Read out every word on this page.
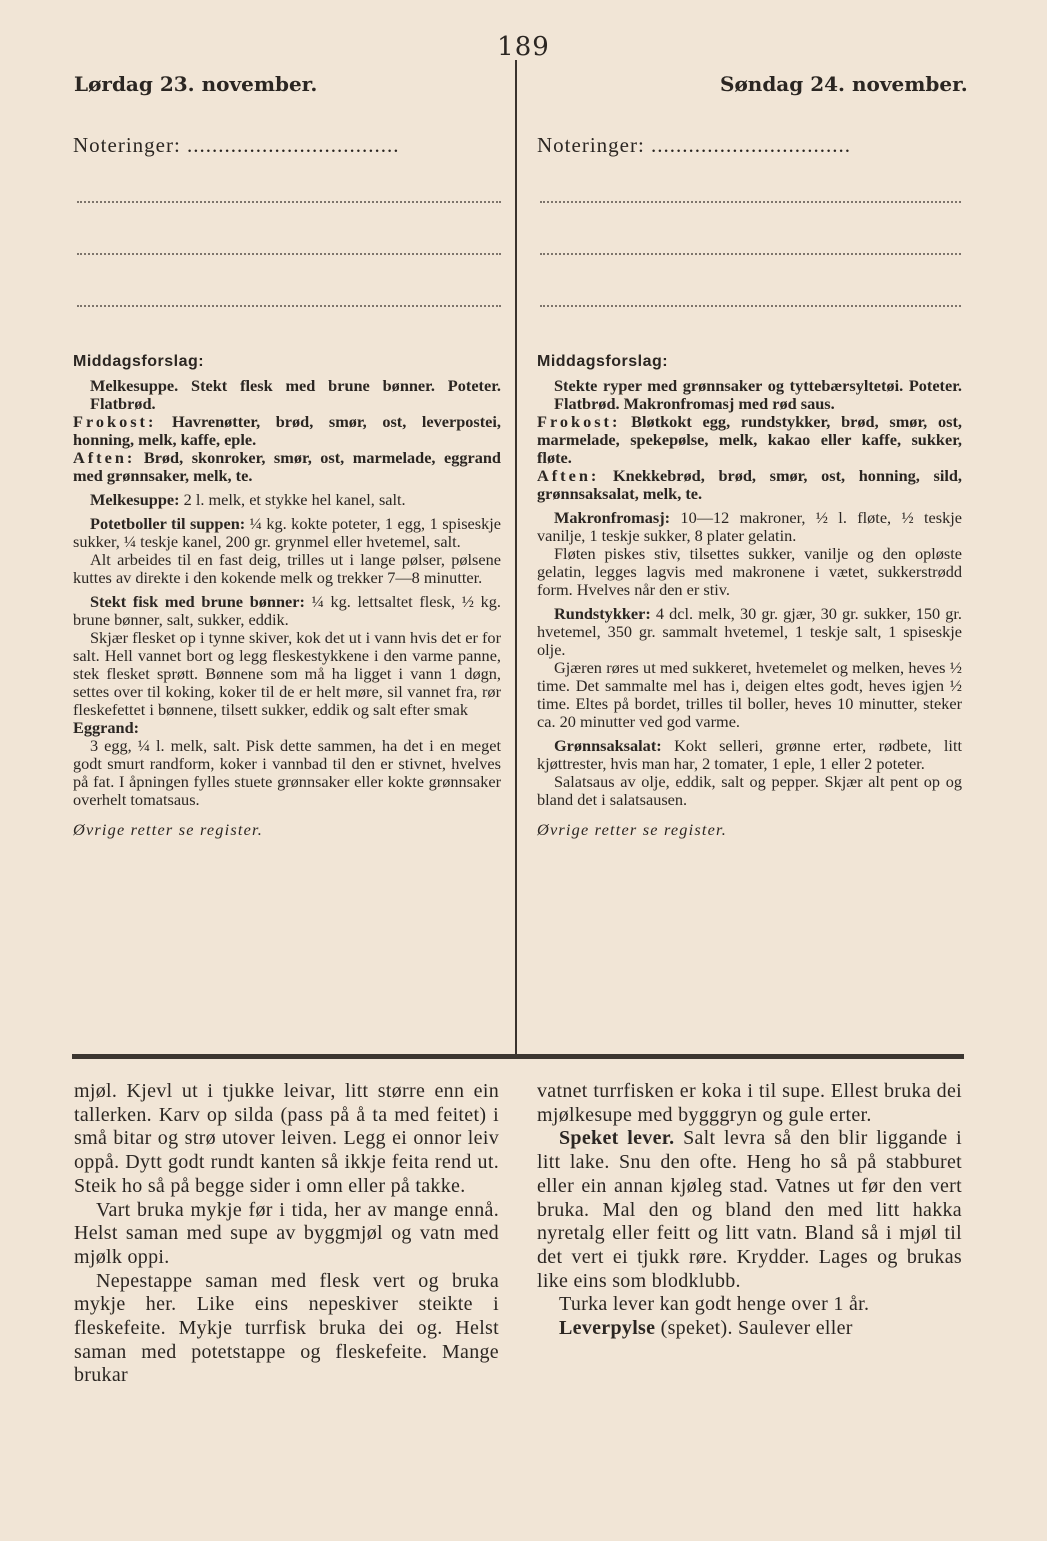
189
Lørdag 23. november.
Noteringer: ..................................
Søndag 24. november.
Noteringer: ................................

Middagsforslag:

Melkesuppe. Stekt flesk med brune bønner. Poteter. Flatbrød.

Frokost: Havrenøtter, brød, smør, ost, leverpostei, honning, melk, kaffe, eple.

Aften: Brød, skonroker, smør, ost, marmelade, eggrand med grønnsaker, melk, te.

Melkesuppe: 2 l. melk, et stykke hel kanel, salt.

Potetboller til suppen: ¼ kg. kokte poteter, 1 egg, 1 spiseskje sukker, ¼ teskje kanel, 200 gr. grynmel eller hvetemel, salt.

Alt arbeides til en fast deig, trilles ut i lange pølser, pølsene kuttes av direkte i den kokende melk og trekker 7—8 minutter.

Stekt fisk med brune bønner: ¼ kg. lettsaltet flesk, ½ kg. brune bønner, salt, sukker, eddik.

Skjær flesket op i tynne skiver, kok det ut i vann hvis det er for salt. Hell vannet bort og legg fleskestykkene i den varme panne, stek flesket sprøtt. Bønnene som må ha ligget i vann 1 døgn, settes over til koking, koker til de er helt møre, sil vannet fra, rør fleskefettet i bønnene, tilsett sukker, eddik og salt efter smak

Eggrand:

3 egg, ¼ l. melk, salt. Pisk dette sammen, ha det i en meget godt smurt randform, koker i vannbad til den er stivnet, hvelves på fat. I åpningen fylles stuete grønnsaker eller kokte grønnsaker overhelt tomatsaus.

Øvrige retter se register.

Middagsforslag:

Stekte ryper med grønnsaker og tyttebærsyltetøi. Poteter. Flatbrød. Makronfromasj med rød saus.

Frokost: Bløtkokt egg, rundstykker, brød, smør, ost, marmelade, spekepølse, melk, kakao eller kaffe, sukker, fløte.

Aften: Knekkebrød, brød, smør, ost, honning, sild, grønnsaksalat, melk, te.

Makronfromasj: 10—12 makroner, ½ l. fløte, ½ teskje vanilje, 1 teskje sukker, 8 plater gelatin.

Fløten piskes stiv, tilsettes sukker, vanilje og den opløste gelatin, legges lagvis med makronene i vætet, sukkerstrødd form. Hvelves når den er stiv.

Rundstykker: 4 dcl. melk, 30 gr. gjær, 30 gr. sukker, 150 gr. hvetemel, 350 gr. sammalt hvetemel, 1 teskje salt, 1 spiseskje olje.

Gjæren røres ut med sukkeret, hvetemelet og melken, heves ½ time. Det sammalte mel has i, deigen eltes godt, heves igjen ½ time. Eltes på bordet, trilles til boller, heves 10 minutter, steker ca. 20 minutter ved god varme.

Grønnsaksalat: Kokt selleri, grønne erter, rødbete, litt kjøttrester, hvis man har, 2 tomater, 1 eple, 1 eller 2 poteter.

Salatsaus av olje, eddik, salt og pepper. Skjær alt pent op og bland det i salatsausen.

Øvrige retter se register.

mjøl. Kjevl ut i tjukke leivar, litt større enn ein tallerken. Karv op silda (pass på å ta med feitet) i små bitar og strø utover leiven. Legg ei onnor leiv oppå. Dytt godt rundt kanten så ikkje feita rend ut. Steik ho så på begge sider i omn eller på takke.

Vart bruka mykje før i tida, her av mange ennå. Helst saman med supe av byggmjøl og vatn med mjølk oppi.

Nepestappe saman med flesk vert og bruka mykje her. Like eins nepeskiver steikte i fleskefeite. Mykje turrfisk bruka dei og. Helst saman med potetstappe og fleskefeite. Mange brukar

vatnet turrfisken er koka i til supe. Ellest bruka dei mjølkesupe med bygggryn og gule erter.

Speket lever. Salt levra så den blir liggande i litt lake. Snu den ofte. Heng ho så på stabburet eller ein annan kjøleg stad. Vatnes ut før den vert bruka. Mal den og bland den med litt hakka nyretalg eller feitt og litt vatn. Bland så i mjøl til det vert ei tjukk røre. Krydder. Lages og brukas like eins som blodklubb.

Turka lever kan godt henge over 1 år.

Leverpylse (speket). Saulever eller
